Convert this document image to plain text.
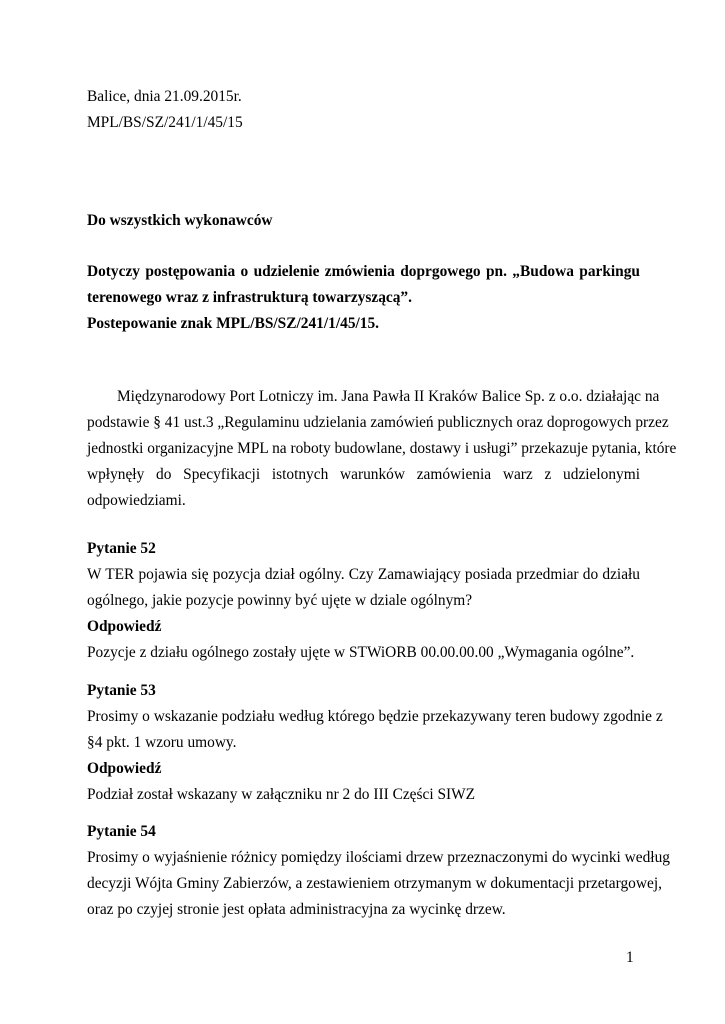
Balice, dnia 21.09.2015r.
MPL/BS/SZ/241/1/45/15
Do wszystkich wykonawców
Dotyczy postępowania o udzielenie zmówienia doprgowego pn. „Budowa parkingu
terenowego wraz z infrastrukturą towarzyszącą”.
Postepowanie znak MPL/BS/SZ/241/1/45/15.
Międzynarodowy Port Lotniczy im. Jana Pawła II Kraków Balice Sp. z o.o. działając na
podstawie § 41 ust.3 „Regulaminu udzielania zamówień publicznych oraz doprogowych przez
jednostki organizacyjne MPL na roboty budowlane, dostawy i usługi” przekazuje pytania, które
wpłynęły do Specyfikacji istotnych warunków zamówienia warz z udzielonymi
odpowiedziami.
Pytanie 52
W TER pojawia się pozycja dział ogólny. Czy Zamawiający posiada przedmiar do działu
ogólnego, jakie pozycje powinny być ujęte w dziale ogólnym?
Odpowiedź
Pozycje z działu ogólnego zostały ujęte w STWiORB 00.00.00.00 „Wymagania ogólne”.
Pytanie 53
Prosimy o wskazanie podziału według którego będzie przekazywany teren budowy zgodnie z
§4 pkt. 1 wzoru umowy.
Odpowiedź
Podział został wskazany w załączniku nr 2 do III Części SIWZ
Pytanie 54
Prosimy o wyjaśnienie różnicy pomiędzy ilościami drzew przeznaczonymi do wycinki według
decyzji Wójta Gminy Zabierzów, a zestawieniem otrzymanym w dokumentacji przetargowej,
oraz po czyjej stronie jest opłata administracyjna za wycinkę drzew.
1
